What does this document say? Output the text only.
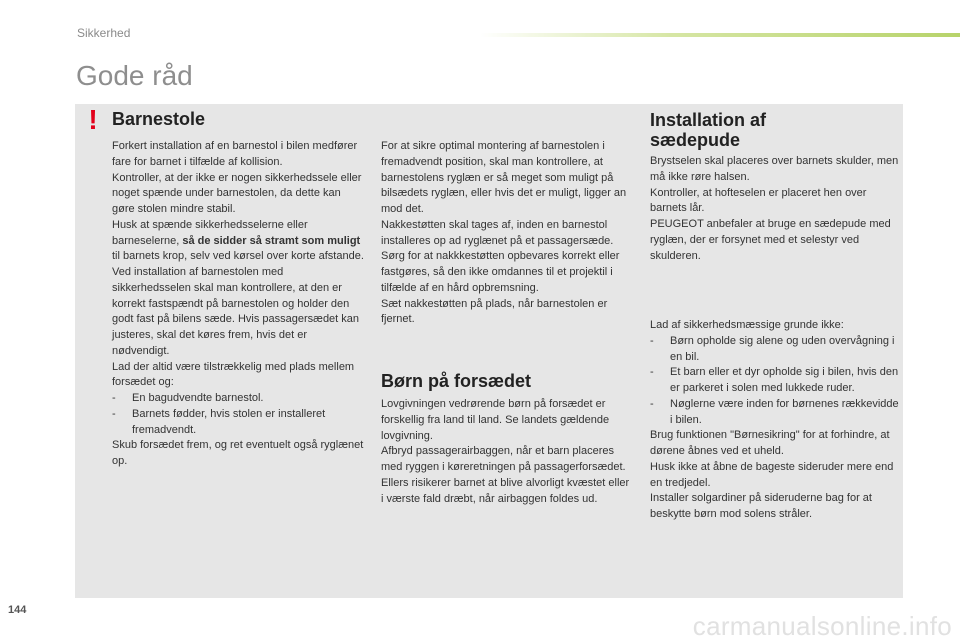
Sikkerhed
Gode råd
! Barnestole

Forkert installation af en barnestol i bilen medfører fare for barnet i tilfælde af kollision.

Kontroller, at der ikke er nogen sikkerhedssele eller noget spænde under barnestolen, da dette kan gøre stolen mindre stabil.

Husk at spænde sikkerhedsselerne eller barneselerne, så de sidder så stramt som muligt til barnets krop, selv ved kørsel over korte afstande.

Ved installation af barnestolen med sikkerhedsselen skal man kontrollere, at den er korrekt fastspændt på barnestolen og holder den godt fast på bilens sæde. Hvis passagersædet kan justeres, skal det køres frem, hvis det er nødvendigt.

Lad der altid være tilstrækkelig med plads mellem forsædet og:

-	En bagudvendte barnestol.
-	Barnets fødder, hvis stolen er installeret fremadvendt.

Skub forsædet frem, og ret eventuelt også ryglænet op.

For at sikre optimal montering af barnestolen i fremadvendt position, skal man kontrollere, at barnestolens ryglæn er så meget som muligt på bilsædets ryglæn, eller hvis det er muligt, ligger an mod det.

Nakkestøtten skal tages af, inden en barnestol installeres op ad ryglænet på et passagersæde.

Sørg for at nakkkestøtten opbevares korrekt eller fastgøres, så den ikke omdannes til et projektil i tilfælde af en hård opbremsning.

Sæt nakkestøtten på plads, når barnestolen er fjernet.

Børn på forsædet

Lovgivningen vedrørende børn på forsædet er forskellig fra land til land. Se landets gældende lovgivning.

Afbryd passagerairbaggen, når et barn placeres med ryggen i køreretningen på passagerforsædet. Ellers risikerer barnet at blive alvorligt kvæstet eller i værste fald dræbt, når airbaggen foldes ud.

Installation af
sædepude

Brystselen skal placeres over barnets skulder, men må ikke røre halsen.

Kontroller, at hofteselen er placeret hen over barnets lår.

PEUGEOT anbefaler at bruge en sædepude med ryglæn, der er forsynet med et selestyr ved skulderen.

Lad af sikkerhedsmæssige grunde ikke:

-	Børn opholde sig alene og uden overvågning i en bil.
-	Et barn eller et dyr opholde sig i bilen, hvis den er parkeret i solen med lukkede ruder.
-	Nøglerne være inden for børnenes rækkevidde i bilen.

Brug funktionen "Børnesikring" for at forhindre, at dørene åbnes ved et uheld.

Husk ikke at åbne de bageste sideruder mere end en tredjedel.

Installer solgardiner på sideruderne bag for at beskytte børn mod solens stråler.

144
carmanualsonline.info
